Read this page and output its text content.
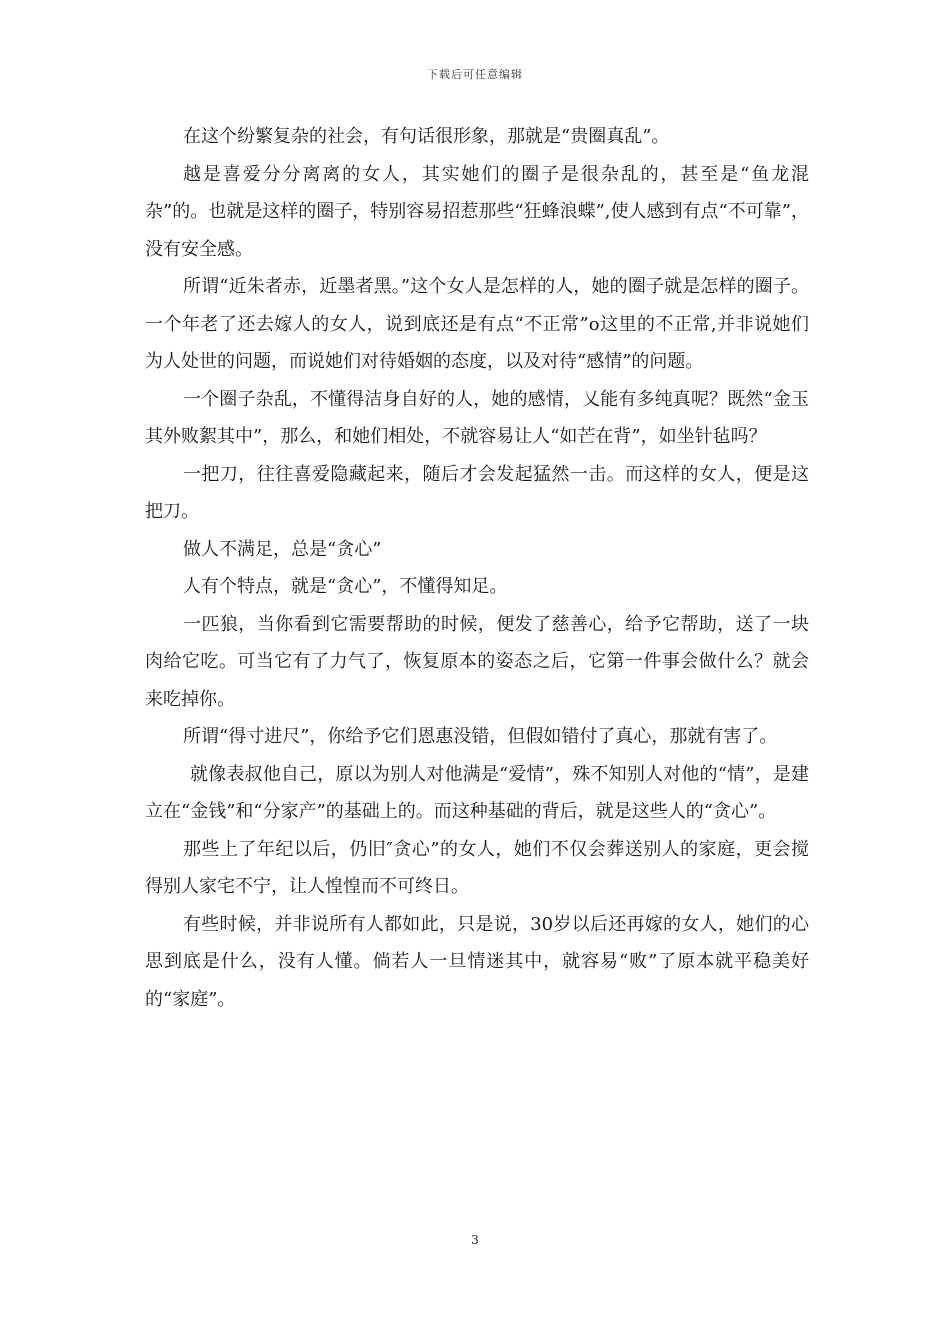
下载后可任意编辑

在这个纷繁复杂的社会，有句话很形象，那就是“贵圈真乱”。

越是喜爱分分离离的女人，其实她们的圈子是很杂乱的，甚至是“鱼龙混杂”的。也就是这样的圈子，特别容易招惹那些“狂蜂浪蝶”,使人感到有点“不可靠”，没有安全感。

所谓“近朱者赤，近墨者黑。”这个女人是怎样的人，她的圈子就是怎样的圈子。一个年老了还去嫁人的女人，说到底还是有点“不正常”o这里的不正常,并非说她们为人处世的问题，而说她们对待婚姻的态度，以及对待“感情”的问题。

一个圈子杂乱，不懂得洁身自好的人，她的感情，乂能有多纯真呢？既然“金玉其外败絮其中”，那么，和她们相处，不就容易让人“如芒在背”，如坐针毡吗？

一把刀，往往喜爱隐藏起来，随后才会发起猛然一击。而这样的女人，便是这把刀。

做人不满足，总是“贪心”

人有个特点，就是“贪心”，不懂得知足。

一匹狼，当你看到它需要帮助的时候，便发了慈善心，给予它帮助，送了一块肉给它吃。可当它有了力气了，恢复原本的姿态之后，它第一件事会做什么？就会来吃掉你。

所谓“得寸进尺”，你给予它们恩惠没错，但假如错付了真心，那就有害了。

就像表叔他自己，原以为别人对他满是“爱情”，殊不知别人对他的“情”，是建立在“金钱”和“分家产”的基础上的。而这种基础的背后，就是这些人的“贪心”。

那些上了年纪以后，仍旧″贪心”的女人，她们不仅会葬送别人的家庭，更会搅得别人家宅不宁，让人惶惶而不可终日。

有些时候，并非说所有人都如此，只是说，30岁以后还再嫁的女人，她们的心思到底是什么，没有人懂。倘若人一旦情迷其中，就容易“败”了原本就平稳美好的“家庭”。

3
